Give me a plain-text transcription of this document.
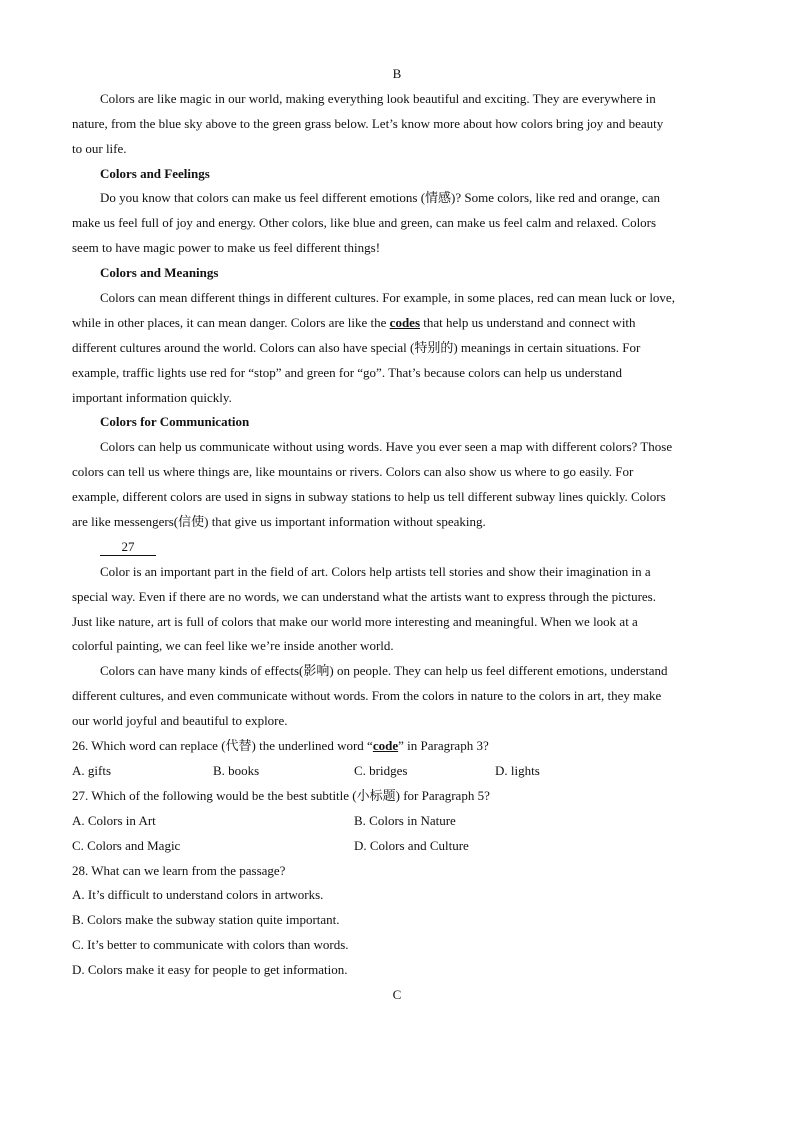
B
Colors are like magic in our world, making everything look beautiful and exciting. They are everywhere in
nature, from the blue sky above to the green grass below. Let’s know more about how colors bring joy and beauty
to our life.
Colors and Feelings
Do you know that colors can make us feel different emotions (情感)? Some colors, like red and orange, can
make us feel full of joy and energy. Other colors, like blue and green, can make us feel calm and relaxed. Colors
seem to have magic power to make us feel different things!
Colors and Meanings
Colors can mean different things in different cultures. For example, in some places, red can mean luck or love,
while in other places, it can mean danger. Colors are like the codes that help us understand and connect with
different cultures around the world. Colors can also have special (特别的) meanings in certain situations. For
example, traffic lights use red for “stop” and green for “go”. That’s because colors can help us understand
important information quickly.
Colors for Communication
Colors can help us communicate without using words. Have you ever seen a map with different colors? Those
colors can tell us where things are, like mountains or rivers. Colors can also show us where to go easily. For
example, different colors are used in signs in subway stations to help us tell different subway lines quickly. Colors
are like messengers(信使) that give us important information without speaking.
27
Color is an important part in the field of art. Colors help artists tell stories and show their imagination in a
special way. Even if there are no words, we can understand what the artists want to express through the pictures.
Just like nature, art is full of colors that make our world more interesting and meaningful. When we look at a
colorful painting, we can feel like we’re inside another world.
Colors can have many kinds of effects(影响) on people. They can help us feel different emotions, understand
different cultures, and even communicate without words. From the colors in nature to the colors in art, they make
our world joyful and beautiful to explore.
26. Which word can replace (代替) the underlined word “code” in Paragraph 3?
A. gifts	B. books	C. bridges	D. lights
27. Which of the following would be the best subtitle (小标题) for Paragraph 5?
A. Colors in Art	B. Colors in Nature
C. Colors and Magic	D. Colors and Culture
28. What can we learn from the passage?
A. It’s difficult to understand colors in artworks.
B. Colors make the subway station quite important.
C. It’s better to communicate with colors than words.
D. Colors make it easy for people to get information.
C
